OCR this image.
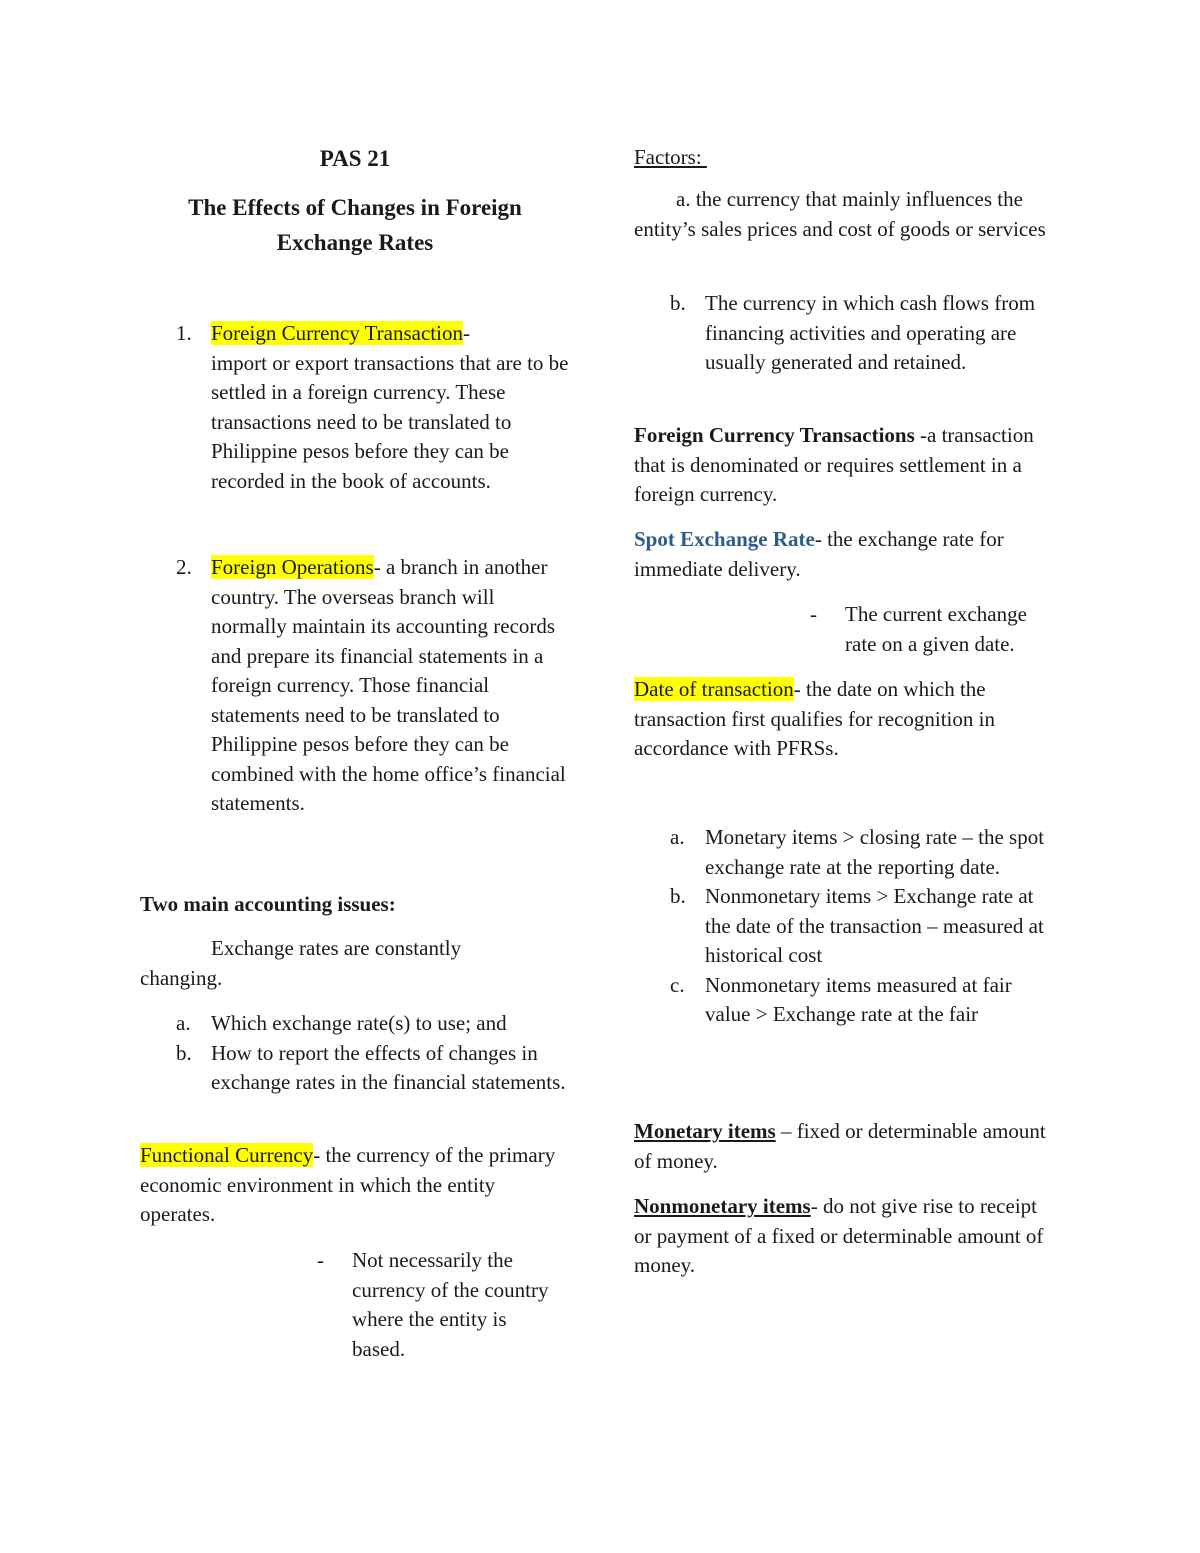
PAS 21
The Effects of Changes in Foreign
Exchange Rates
1. Foreign Currency Transaction-
import or export transactions that are to be settled in a foreign currency. These transactions need to be translated to Philippine pesos before they can be recorded in the book of accounts.
2. Foreign Operations- a branch in another country. The overseas branch will normally maintain its accounting records and prepare its financial statements in a foreign currency. Those financial statements need to be translated to Philippine pesos before they can be combined with the home office’s financial statements.
Two main accounting issues:
Exchange rates are constantly changing.
a. Which exchange rate(s) to use; and
b. How to report the effects of changes in exchange rates in the financial statements.
Functional Currency- the currency of the primary economic environment in which the entity operates.
- Not necessarily the currency of the country where the entity is based.
Factors:
a. the currency that mainly influences the entity’s sales prices and cost of goods or services
b. The currency in which cash flows from financing activities and operating are usually generated and retained.
Foreign Currency Transactions -a transaction that is denominated or requires settlement in a foreign currency.
Spot Exchange Rate- the exchange rate for immediate delivery.
- The current exchange rate on a given date.
Date of transaction- the date on which the transaction first qualifies for recognition in accordance with PFRSs.
a. Monetary items > closing rate – the spot exchange rate at the reporting date.
b. Nonmonetary items > Exchange rate at the date of the transaction – measured at historical cost
c. Nonmonetary items measured at fair value > Exchange rate at the fair
Monetary items – fixed or determinable amount of money.
Nonmonetary items- do not give rise to receipt or payment of a fixed or determinable amount of money.
